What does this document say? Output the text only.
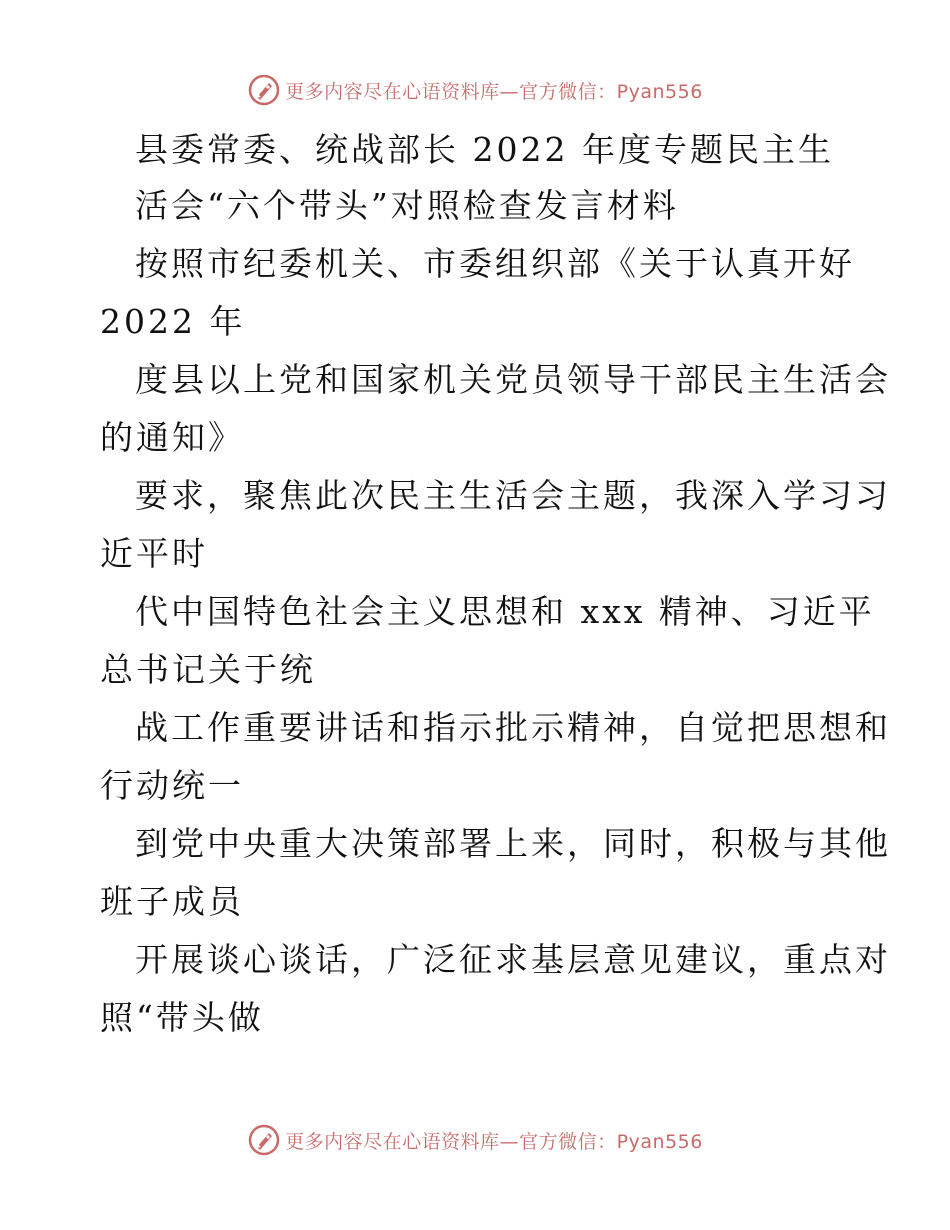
更多内容尽在心语资料库—官方微信：Pyan556
县委常委、统战部长 2022 年度专题民主生
活会“六个带头”对照检查发言材料
按照市纪委机关、市委组织部《关于认真开好
2022 年
度县以上党和国家机关党员领导干部民主生活会
的通知》
要求，聚焦此次民主生活会主题，我深入学习习
近平时
代中国特色社会主义思想和 xxx 精神、习近平
总书记关于统
战工作重要讲话和指示批示精神，自觉把思想和
行动统一
到党中央重大决策部署上来，同时，积极与其他
班子成员
开展谈心谈话，广泛征求基层意见建议，重点对
照“带头做
更多内容尽在心语资料库—官方微信：Pyan556
